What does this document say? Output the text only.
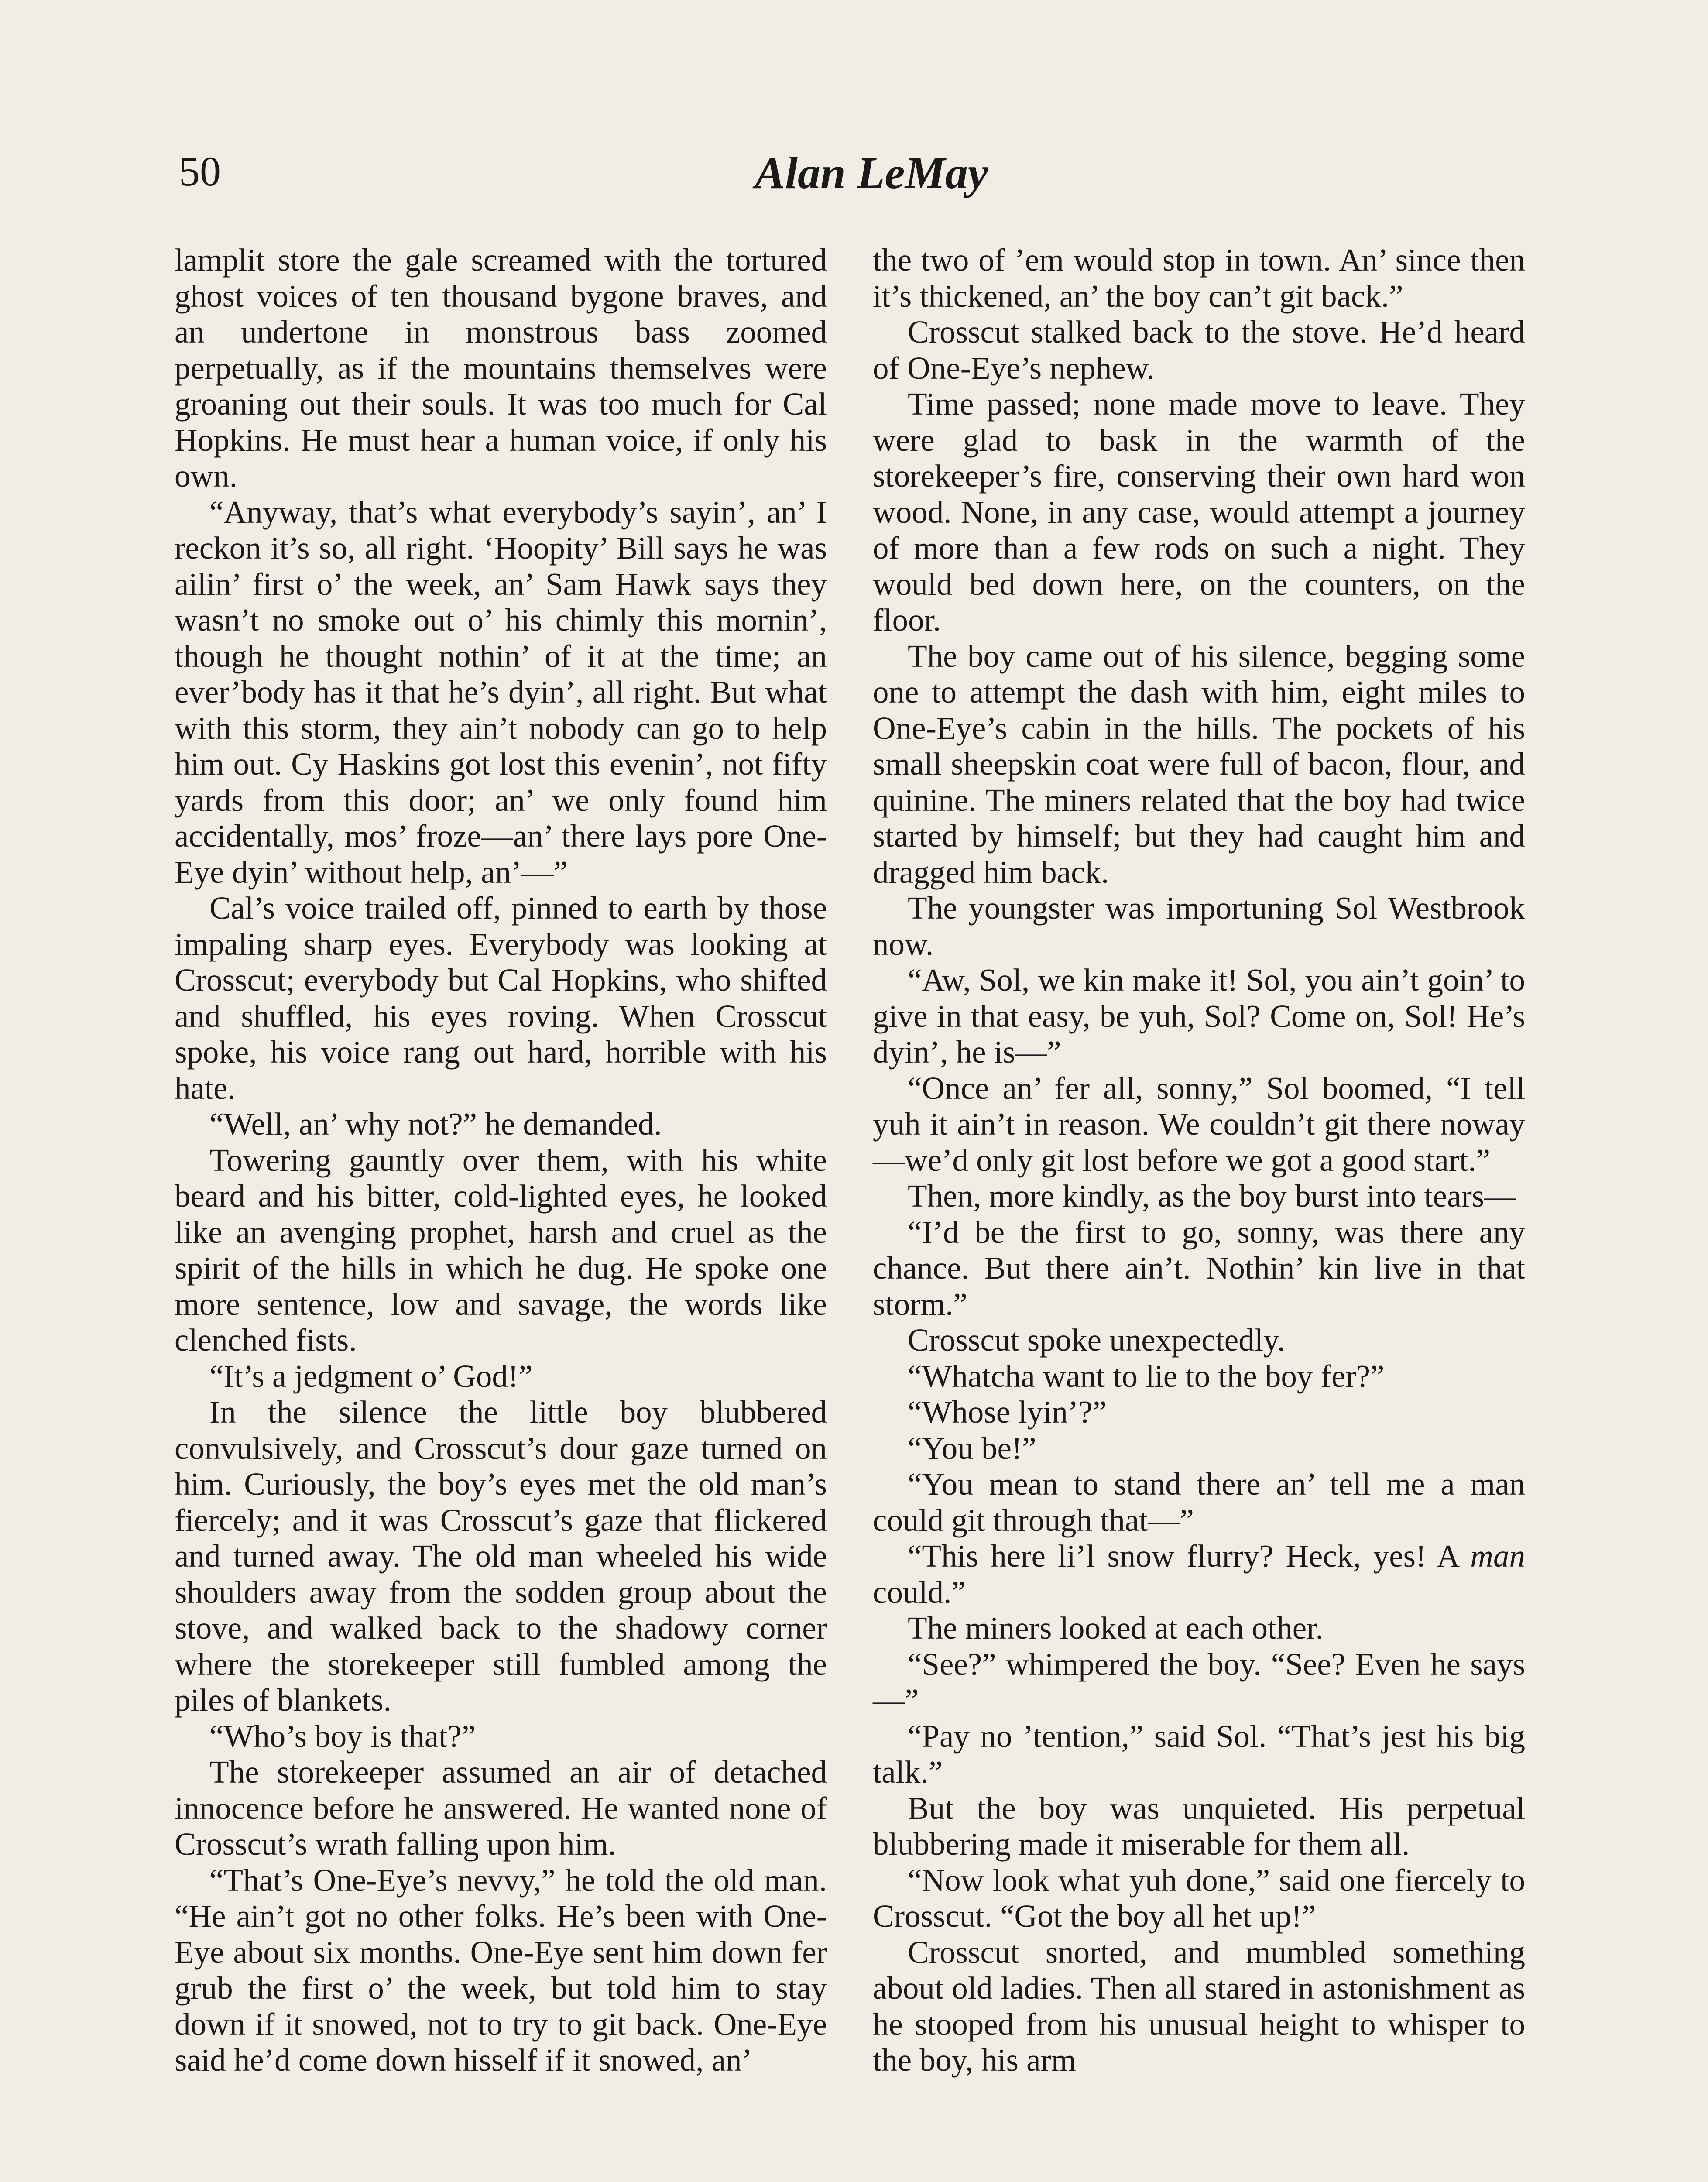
50	Alan LeMay

lamplit store the gale screamed with the tortured ghost voices of ten thousand bygone braves, and an undertone in monstrous bass zoomed perpetually, as if the mountains themselves were groaning out their souls. It was too much for Cal Hopkins. He must hear a human voice, if only his own.

“Anyway, that’s what everybody’s sayin’, an’ I reckon it’s so, all right. ‘Hoopity’ Bill says he was ailin’ first o’ the week, an’ Sam Hawk says they wasn’t no smoke out o’ his chimly this mornin’, though he thought nothin’ of it at the time; an ever’body has it that he’s dyin’, all right. But what with this storm, they ain’t nobody can go to help him out. Cy Haskins got lost this evenin’, not fifty yards from this door; an’ we only found him accidentally, mos’ froze—an’ there lays pore One-Eye dyin’ without help, an’—”

Cal’s voice trailed off, pinned to earth by those impaling sharp eyes. Everybody was looking at Crosscut; everybody but Cal Hopkins, who shifted and shuffled, his eyes roving. When Crosscut spoke, his voice rang out hard, horrible with his hate.

“Well, an’ why not?” he demanded.

Towering gauntly over them, with his white beard and his bitter, cold-lighted eyes, he looked like an avenging prophet, harsh and cruel as the spirit of the hills in which he dug. He spoke one more sentence, low and savage, the words like clenched fists.

“It’s a jedgment o’ God!”

In the silence the little boy blubbered convulsively, and Crosscut’s dour gaze turned on him. Curiously, the boy’s eyes met the old man’s fiercely; and it was Crosscut’s gaze that flickered and turned away. The old man wheeled his wide shoulders away from the sodden group about the stove, and walked back to the shadowy corner where the storekeeper still fumbled among the piles of blankets.

“Who’s boy is that?”

The storekeeper assumed an air of detached innocence before he answered. He wanted none of Crosscut’s wrath falling upon him.

“That’s One-Eye’s nevvy,” he told the old man. “He ain’t got no other folks. He’s been with One-Eye about six months. One-Eye sent him down fer grub the first o’ the week, but told him to stay down if it snowed, not to try to git back. One-Eye said he’d come down hisself if it snowed, an’

the two of ’em would stop in town. An’ since then it’s thickened, an’ the boy can’t git back.”

Crosscut stalked back to the stove. He’d heard of One-Eye’s nephew.

Time passed; none made move to leave. They were glad to bask in the warmth of the storekeeper’s fire, conserving their own hard won wood. None, in any case, would attempt a journey of more than a few rods on such a night. They would bed down here, on the counters, on the floor.

The boy came out of his silence, begging some one to attempt the dash with him, eight miles to One-Eye’s cabin in the hills. The pockets of his small sheepskin coat were full of bacon, flour, and quinine. The miners related that the boy had twice started by himself; but they had caught him and dragged him back.

The youngster was importuning Sol Westbrook now.

“Aw, Sol, we kin make it! Sol, you ain’t goin’ to give in that easy, be yuh, Sol? Come on, Sol! He’s dyin’, he is—”

“Once an’ fer all, sonny,” Sol boomed, “I tell yuh it ain’t in reason. We couldn’t git there noway—we’d only git lost before we got a good start.”

Then, more kindly, as the boy burst into tears—

“I’d be the first to go, sonny, was there any chance. But there ain’t. Nothin’ kin live in that storm.”

Crosscut spoke unexpectedly.

“Whatcha want to lie to the boy fer?”

“Whose lyin’?”

“You be!”

“You mean to stand there an’ tell me a man could git through that—”

“This here li’l snow flurry? Heck, yes! A man could.”

The miners looked at each other.

“See?” whimpered the boy. “See? Even he says—”

“Pay no ’tention,” said Sol. “That’s jest his big talk.”

But the boy was unquieted. His perpetual blubbering made it miserable for them all.

“Now look what yuh done,” said one fiercely to Crosscut. “Got the boy all het up!”

Crosscut snorted, and mumbled something about old ladies. Then all stared in astonishment as he stooped from his unusual height to whisper to the boy, his arm
